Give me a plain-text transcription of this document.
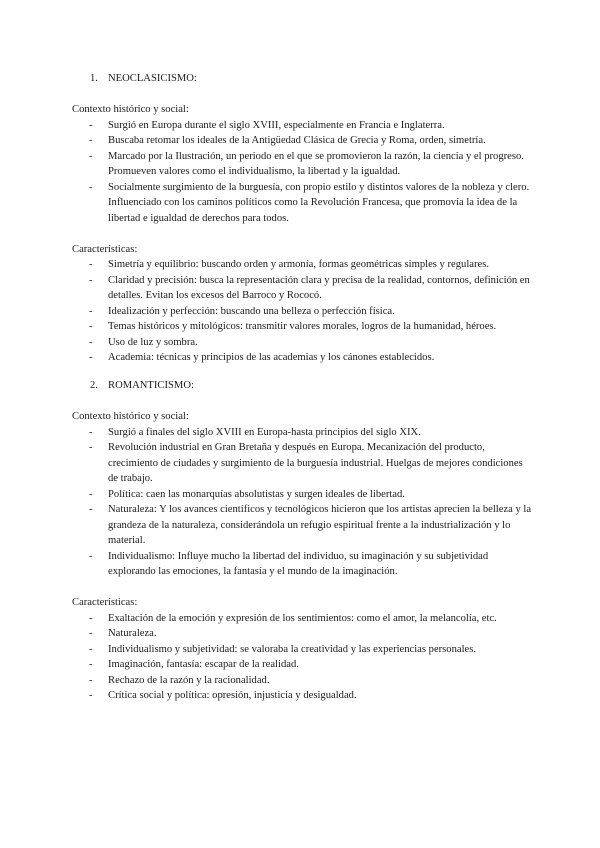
1. NEOCLASICISMO:
Contexto histórico y social:
- Surgió en Europa durante el siglo XVIII, especialmente en Francia e Inglaterra.
- Buscaba retomar los ideales de la Antigüedad Clásica de Grecia y Roma, orden, simetría.
- Marcado por la Ilustración, un periodo en el que se promovieron la razón, la ciencia y el progreso. Promueven valores como el individualismo, la libertad y la igualdad.
- Socialmente surgimiento de la burguesía, con propio estilo y distintos valores de la nobleza y clero. Influenciado con los caminos políticos como la Revolución Francesa, que promovía la idea de la libertad e igualdad de derechos para todos.
Características:
- Simetría y equilibrio: buscando orden y armonía, formas geométricas simples y regulares.
- Claridad y precisión: busca la representación clara y precisa de la realidad, contornos, definición en detalles. Evitan los excesos del Barroco y Rococó.
- Idealización y perfección: buscando una belleza o perfección física.
- Temas históricos y mitológicos: transmitir valores morales, logros de la humanidad, héroes.
- Uso de luz y sombra.
- Academia: técnicas y principios de las academias y los cánones establecidos.
2. ROMANTICISMO:
Contexto histórico y social:
- Surgió a finales del siglo XVIII en Europa-hasta principios del siglo XIX.
- Revolución industrial en Gran Bretaña y después en Europa. Mecanización del producto, crecimiento de ciudades y surgimiento de la burguesía industrial. Huelgas de mejores condiciones de trabajo.
- Política: caen las monarquías absolutistas y surgen ideales de libertad.
- Naturaleza: Y los avances científicos y tecnológicos hicieron que los artistas aprecien la belleza y la grandeza de la naturaleza, considerándola un refugio espiritual frente a la industrialización y lo material.
- Individualismo: Influye mucho la libertad del individuo, su imaginación y su subjetividad explorando las emociones, la fantasía y el mundo de la imaginación.
Características:
- Exaltación de la emoción y expresión de los sentimientos: como el amor, la melancolía, etc.
- Naturaleza.
- Individualismo y subjetividad: se valoraba la creatividad y las experiencias personales.
- Imaginación, fantasía: escapar de la realidad.
- Rechazo de la razón y la racionalidad.
- Crítica social y política: opresión, injusticia y desigualdad.
